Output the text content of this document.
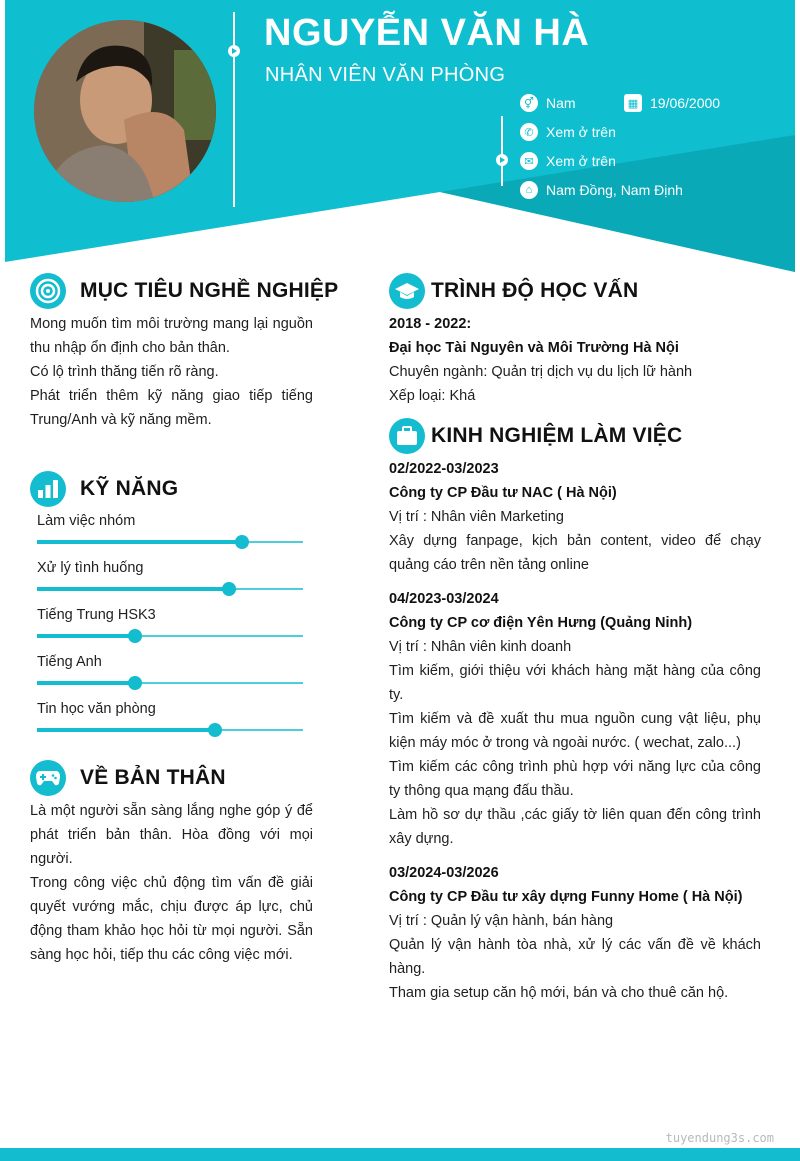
NGUYỄN VĂN HÀ
NHÂN VIÊN VĂN PHÒNG
⚥ Nam	▦ 19/06/2000
✆ Xem ở trên
✉ Xem ở trên
⌂ Nam Đồng, Nam Định
MỤC TIÊU NGHỀ NGHIỆP

Mong muốn tìm môi trường mang lại nguồn thu nhập ổn định cho bản thân.

Có lộ trình thăng tiến rõ ràng.

Phát triển thêm kỹ năng giao tiếp tiếng Trung/Anh và kỹ năng mềm.

KỸ NĂNG
Làm việc nhóm
Xử lý tình huống
Tiếng Trung HSK3
Tiếng Anh
Tin học văn phòng
VỀ BẢN THÂN

Là một người sẵn sàng lắng nghe góp ý để phát triển bản thân. Hòa đồng với mọi người.

Trong công việc chủ động tìm vấn đề giải quyết vướng mắc, chịu được áp lực, chủ động tham khảo học hỏi từ mọi người. Sẵn sàng học hỏi, tiếp thu các công việc mới.

TRÌNH ĐỘ HỌC VẤN

2018 - 2022:

Đại học Tài Nguyên và Môi Trường Hà Nội

Chuyên ngành: Quản trị dịch vụ du lịch lữ hành

Xếp loại: Khá

KINH NGHIỆM LÀM VIỆC

02/2022-03/2023

Công ty CP Đầu tư NAC ( Hà Nội)

Vị trí : Nhân viên Marketing

Xây dựng fanpage, kịch bản content, video để chạy quảng cáo trên nền tảng online

04/2023-03/2024

Công ty CP cơ điện Yên Hưng (Quảng Ninh)

Vị trí : Nhân viên kinh doanh

Tìm kiếm, giới thiệu với khách hàng mặt hàng của công ty.

Tìm kiếm và đề xuất thu mua nguồn cung vật liệu, phụ kiện máy móc ở trong và ngoài nước. ( wechat, zalo...)

Tìm kiếm các công trình phù hợp với năng lực của công ty thông qua mạng đấu thầu.

Làm hồ sơ dự thầu ,các giấy tờ liên quan đến công trình xây dựng.

03/2024-03/2026

Công ty CP Đầu tư xây dựng Funny Home ( Hà Nội)

Vị trí : Quản lý vận hành, bán hàng

Quản lý vận hành tòa nhà, xử lý các vấn đề về khách hàng.

Tham gia setup căn hộ mới, bán và cho thuê căn hộ.

tuyendung3s.com
